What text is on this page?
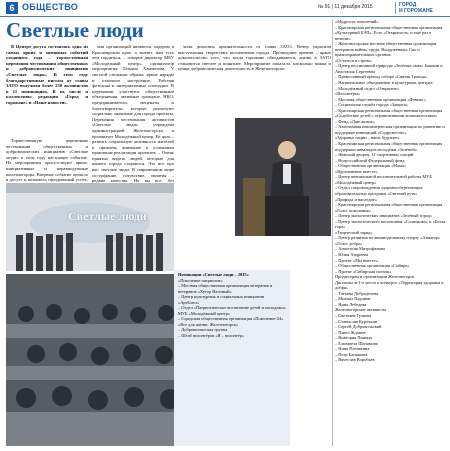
6 ОБЩЕСТВО	№ 91 | 11 декабря 2015	ГОРОД
И ГОРОЖАНЕ
Светлые люди

В Центре досуга состоялась одно из самых ярких и значимых событий уходящего года – торжественная церемония чествования общественных и добровольческих инициатив «Светлые люди». В этом году благодарственные письма от главы ЗАТО получили более 230 активистов в 11 номинациях. В их числе и коллективы редакции «Город и горожане» и «Наше новости».

Торжественную церемонию чествования общественных и добровольческих инициатив «Светлые люди» в этом году настоящее событие. На мероприятии присутствуют яркие, инициативные и неравнодушные железногорцы. Впервые событие прошло в досуге и возымело праздничный успех,

они организаций являются лидером в Красноярском крае, а значит, нам есть чем гордиться, – говорит директор МБУ «Молодёжный центр», организатор мероприятия Татьяна Хамматова. У светлой стильные образы, яркие наряды и отличное настроение. Рабочая фотозона и интерактивные площадки. В церемонии участвуют общественные объединения, активные граждане, НКО, предприниматели, меценаты и благотворители, которые реализуют социально значимые для города проекты. Церемония чествования активистов «Светлые люди» учреждена администрацией Железногорска и организует Молодёжный центр. Её цель – развить социальную активность жителей и привлечь внимание к успешным практикам реализации проектов. – Очень приятно видеть людей, которые для нашего города стараются. Это все про вас: светлые люди. В современном мире сострадание, сочувствие, эмпатия – редкие качества. Но вы все, без

чили дипломы признательности от главы ЗАТО. Вечер украсили выступления творческих коллективов города. Прошедшие премии – яркое доказательство того, что когда горожане объединяются, жизнь в ЗАТО становится светлее и понятнее. Мероприятие показало, насколько важна и ценна добровольческая деятельность в Железногорске.

Светлые люди
Номинации «Светлые люди – 2015»
«Поколение патриотов»
– Местная общественная организация ветеранов и ветеранов «Хутор Налоный»
– Центр культурных и социальных инициатив «АртБлюз»
– Отдел «Патриотическое воспитание детей и молодежи» МУБ «Молодёжный центр»
– Городская общественная организация «Поколение-24»
«Все для жизни. Железногорск»
– Добровольческая группа
– Штаб волонтёров «Я – волонтёр»
«Мудрость поколений»
– Красноярская региональная общественная организация «Культурный БЭП». Есть «Открытость, и ещё раз о вечном»
– Железногорская местная общественная организация ветеранов войны, труда, Вооружённых Сил и правоохранительных органов.
«Остаться в строю»
– Центр воспитанной природы «Зелёные окна» Башкин и Анастасия Сергеевна
– Православный приход собора «Святая Троица»
– Национальное объединение в культурных центрах
– Молодёжный отдел «Открытие»
«Волонтёры»
– Местная общественная организация «Феникс»
– Социальная служба города «Защита»
– Красноярская региональная общественная организация «Содействие детей с ограниченными возможностями»
– Фонд «Даю жизнь»
– Автономная некоммерческая организация по развитию и поддержке инноваций «Содружество»
«Здоровье нации – наше будущее»
– Красноярская региональная общественная организация поддержки инвалидов молодёжи «Зелёной»
– Женский дворец, 11 спортивных секций
– Всероссийский Федеральный фонд
– Общественная организация «Мама»
«Вдохновение вместе»
– Центр внешкольной воспитательной работы МУБ «Молодёжный центр»
– Отдел сопровождения здоровьесберегающих образовательных программ «Светлый путь»
«Природа и наследие»
– Красноярская региональная общественная организация «Голос поколения»
– Центр экологических инициатив «Зелёный город»
– Центр экологического воспитания «Солнышко» и «Белая гора»
«Творческий заряд»
– Центр развития по авиамодельному спорту «Авиатор»
«Голос добра»
– Анастасия Митрофанова
– Юлия Андреева
– Проект «Мы вместе»
– Общественная организация «Сибирь»
– Проект «Сибирская поэзия»
Продюсерам и организации Железногорск
Дипломы за 1-е место в конкурсе «Территория здоровья и добра»
– Татьяна Доброделова
– Михаил Прудник
– Нина Лебедева
Железногорские активисты
– Светлана Гуляева
– Станислав Курочкин
– Сергей Добровольский
– Павел Жданов
– Виктория Пьяных
– Елизавета Шаламова
– Нина Рогожкина
– Петр Баскакова
– Вячеслав Воробьёв
